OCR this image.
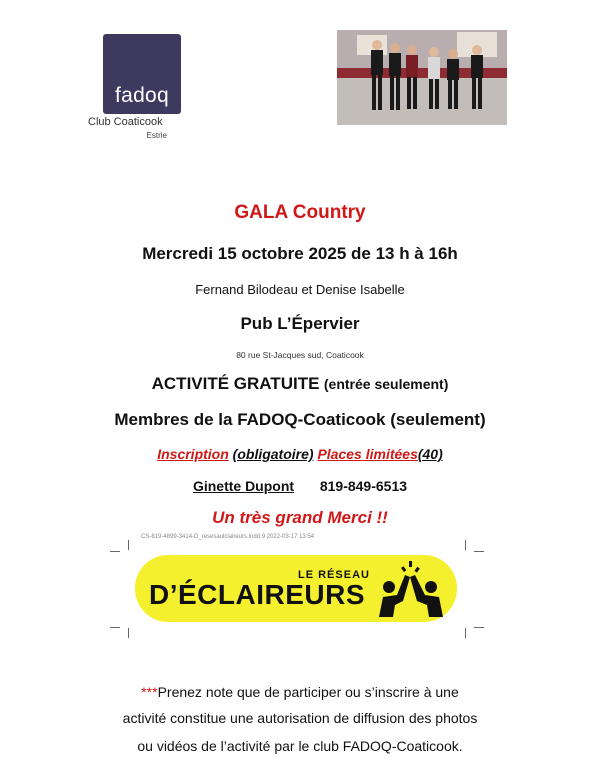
fadoq
Club Coaticook
Estrie
GALA Country
Mercredi 15 octobre 2025 de 13 h à 16h
Fernand Bilodeau et Denise Isabelle
Pub L’Épervier
80 rue St-Jacques sud, Coaticook
ACTIVITÉ GRATUITE (entrée seulement)
Membres de la FADOQ-Coaticook (seulement)
Inscription (obligatoire) Places limitées(40)
Ginette Dupont 819-849-6513
Un très grand Merci !!
CS-819-4899-3414-D_resesaulclaireurs.indd 9 2022-03-17 13:54
LE RÉSEAU
D’ÉCLAIREURS
***Prenez note que de participer ou s’inscrire à une
activité constitue une autorisation de diffusion des photos
ou vidéos de l’activité par le club FADOQ-Coaticook.
